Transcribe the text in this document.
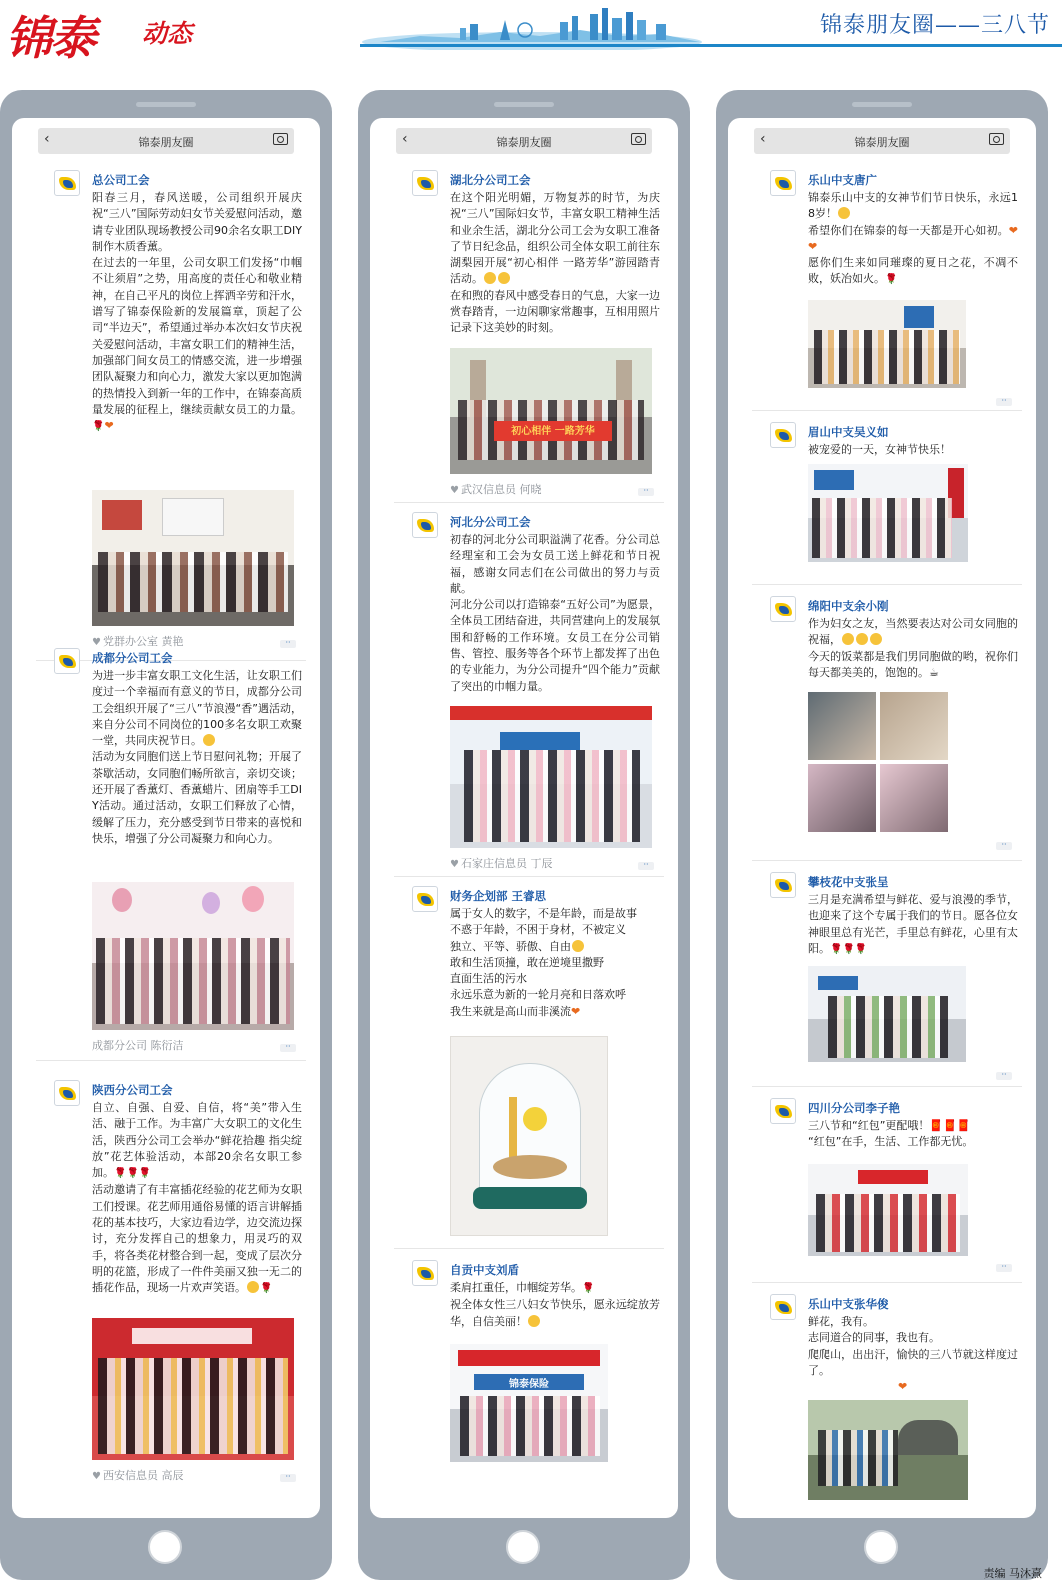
锦泰 动态	锦泰朋友圈——三八节
‹	锦泰朋友圈
总公司工会

阳春三月，春风送暖，公司组织开展庆祝“三八”国际劳动妇女节关爱慰问活动，邀请专业团队现场教授公司90余名女职工DIY制作木质香薰。

在过去的一年里，公司女职工们发扬“巾帼不让须眉”之势，用高度的责任心和敬业精神，在自己平凡的岗位上挥洒辛劳和汗水，谱写了锦泰保险新的发展篇章，顶起了公司“半边天”，希望通过举办本次妇女节庆祝关爱慰问活动，丰富女职工们的精神生活，加强部门间女员工的情感交流，进一步增强团队凝聚力和向心力，激发大家以更加饱满的热情投入到新一年的工作中，在锦泰高质量发展的征程上，继续贡献女员工的力量。🌹❤

♥ 党群办公室 黄艳	··
成都分公司工会

为进一步丰富女职工文化生活，让女职工们度过一个幸福而有意义的节日，成都分公司工会组织开展了“三八”节浪漫“香”遇活动，来自分公司不同岗位的100多名女职工欢聚一堂，共同庆祝节日。

活动为女同胞们送上节日慰问礼物；开展了茶歇活动，女同胞们畅所欲言，亲切交谈；还开展了香薰灯、香薰蜡片、团扇等手工DIY活动。通过活动，女职工们释放了心情，缓解了压力，充分感受到节日带来的喜悦和快乐，增强了分公司凝聚力和向心力。

成都分公司 陈衍洁	··
陕西分公司工会

自立、自强、自爱、自信，将“美”带入生活、融于工作。为丰富广大女职工的文化生活，陕西分公司工会举办“鲜花拾趣 指尖绽放”花艺体验活动，本部20余名女职工参加。🌹🌹🌹

活动邀请了有丰富插花经验的花艺师为女职工们授课。花艺师用通俗易懂的语言讲解插花的基本技巧，大家边看边学，边交流边探讨，充分发挥自己的想象力，用灵巧的双手，将各类花材整合到一起，变成了层次分明的花篮，形成了一件件美丽又独一无二的插花作品，现场一片欢声笑语。 🌹

♥ 西安信息员 高辰	··
‹	锦泰朋友圈
湖北分公司工会

在这个阳光明媚，万物复苏的时节，为庆祝“三八”国际妇女节，丰富女职工精神生活和业余生活，湖北分公司工会为女职工准备了节日纪念品，组织公司全体女职工前往东湖梨园开展“初心相伴 一路芳华”游园踏青活动。

在和煦的春风中感受春日的气息，大家一边赏春踏青，一边闲聊家常趣事，互相用照片记录下这美妙的时刻。

初心相伴 一路芳华
♥ 武汉信息员 何晓	··
河北分公司工会

初春的河北分公司职溢满了花香。分公司总经理室和工会为女员工送上鲜花和节日祝福，感谢女同志们在公司做出的努力与贡献。

河北分公司以打造锦泰“五好公司”为愿景，全体员工团结奋进，共同营建向上的发展氛围和舒畅的工作环境。女员工在分公司销售、管控、服务等各个环节上都发挥了出色的专业能力，为分公司提升“四个能力”贡献了突出的巾帼力量。

♥ 石家庄信息员 丁辰	··
财务企划部 王睿思

属于女人的数字，不是年龄，而是故事

不惑于年龄，不困于身材，不被定义

独立、平等、骄傲、自由

敢和生活顶撞，敢在逆境里撒野

直面生活的污水

永远乐意为新的一轮月亮和日落欢呼

我生来就是高山而非溪流❤

自贡中支刘盾

柔肩扛重任，巾帼绽芳华。🌹

祝全体女性三八妇女节快乐，愿永远绽放芳华，自信美丽！

锦泰保险
‹	锦泰朋友圈
乐山中支唐广

锦泰乐山中支的女神节们节日快乐，永远18岁！

希望你们在锦泰的每一天都是开心如初。❤❤

愿你们生来如同璀璨的夏日之花，不凋不败，妖冶如火。🌹

··
眉山中支吴义如

被宠爱的一天，女神节快乐！

绵阳中支余小刚

作为妇女之友，当然要表达对公司女同胞的祝福，

今天的饭菜都是我们男同胞做的哟，祝你们每天都美美的，饱饱的。☕

··
攀枝花中支张呈

三月是充满希望与鲜花、爱与浪漫的季节，也迎来了这个专属于我们的节日。愿各位女神眼里总有光芒，手里总有鲜花，心里有太阳。🌹🌹🌹

··
四川分公司李子艳

三八节和“红包”更配哦！🧧🧧🧧

“红包”在手，生活、工作都无忧。

··
乐山中支张华俊

鲜花，我有。

志同道合的同事，我也有。

爬爬山，出出汗，愉快的三八节就这样度过了。

❤

责编 马沐熹
